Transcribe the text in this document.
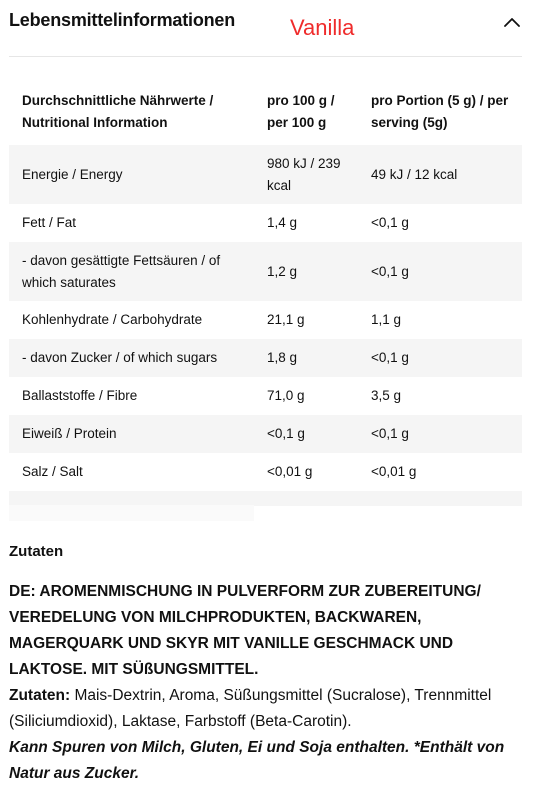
Lebensmittelinformationen Vanilla
Durchschnittliche Nährwerte / Nutritional Information	pro 100 g / per 100 g	pro Portion (5 g) / per serving (5g)
Energie / Energy	980 kJ / 239 kcal	49 kJ / 12 kcal
Fett / Fat	1,4 g	<0,1 g
- davon gesättigte Fettsäuren / of which saturates	1,2 g	<0,1 g
Kohlenhydrate / Carbohydrate	21,1 g	1,1 g
- davon Zucker / of which sugars	1,8 g	<0,1 g
Ballaststoffe / Fibre	71,0 g	3,5 g
Eiweiß / Protein	<0,1 g	<0,1 g
Salz / Salt	<0,01 g	<0,01 g

Zutaten
DE: AROMENMISCHUNG IN PULVERFORM ZUR ZUBEREITUNG/ VEREDELUNG VON MILCHPRODUKTEN, BACKWAREN, MAGERQUARK UND SKYR MIT VANILLE GESCHMACK UND LAKTOSE. MIT SÜßUNGSMITTEL.
Zutaten: Mais-Dextrin, Aroma, Süßungsmittel (Sucralose), Trennmittel (Siliciumdioxid), Laktase, Farbstoff (Beta-Carotin).
Kann Spuren von Milch, Gluten, Ei und Soja enthalten. *Enthält von Natur aus Zucker.
